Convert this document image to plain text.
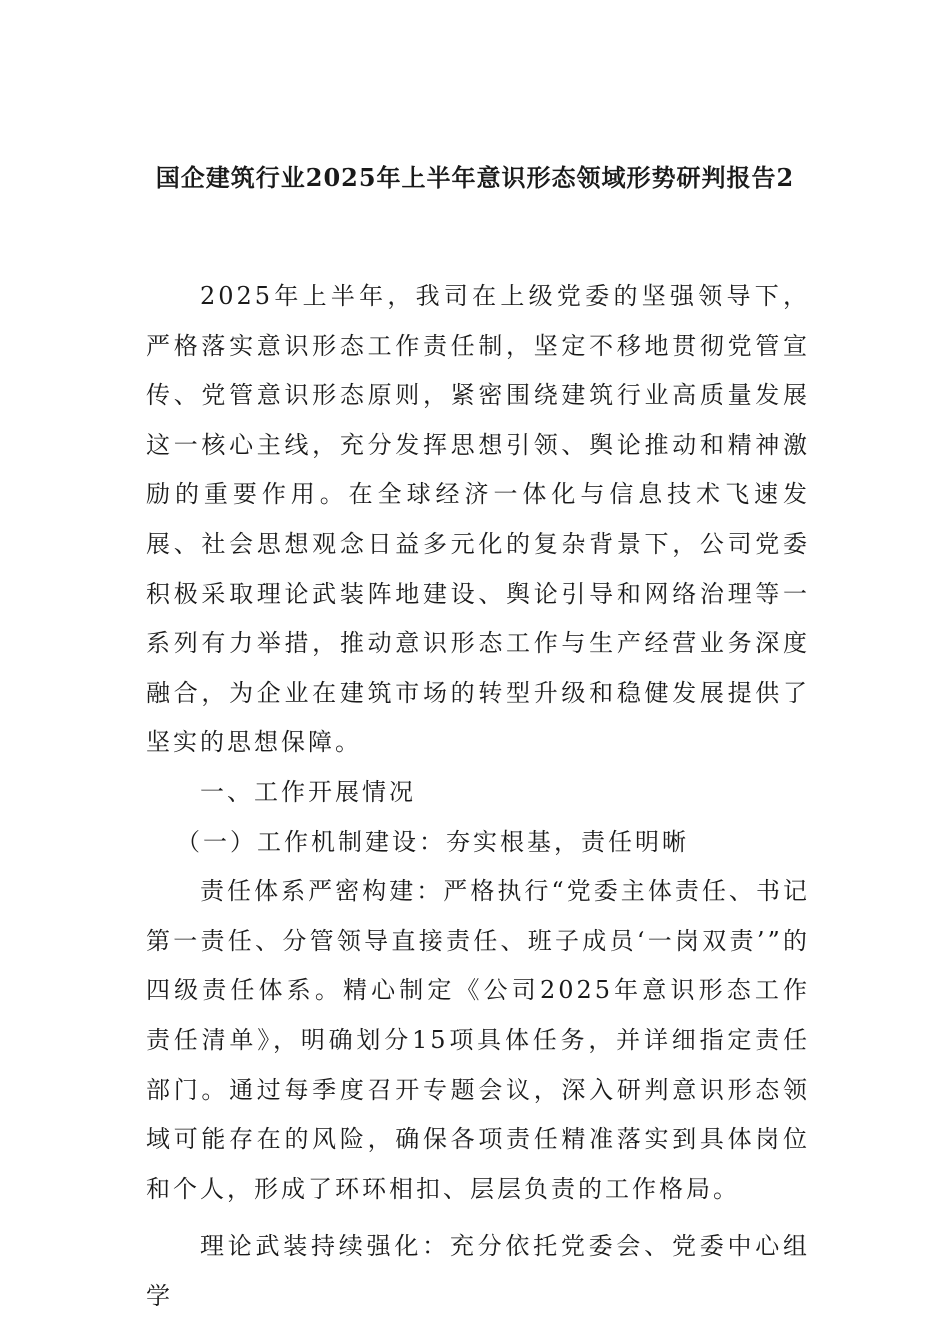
国企建筑行业2025年上半年意识形态领域形势研判报告2

2025年上半年，我司在上级党委的坚强领导下，严格落实意识形态工作责任制，坚定不移地贯彻党管宣传、党管意识形态原则，紧密围绕建筑行业高质量发展这一核心主线，充分发挥思想引领、舆论推动和精神激励的重要作用。在全球经济一体化与信息技术飞速发展、社会思想观念日益多元化的复杂背景下，公司党委积极采取理论武装阵地建设、舆论引导和网络治理等一系列有力举措，推动意识形态工作与生产经营业务深度融合，为企业在建筑市场的转型升级和稳健发展提供了坚实的思想保障。

一、工作开展情况

（一）工作机制建设：夯实根基，责任明晰

责任体系严密构建：严格执行“党委主体责任、书记第一责任、分管领导直接责任、班子成员‘一岗双责’”的四级责任体系。精心制定《公司2025年意识形态工作责任清单》，明确划分15项具体任务，并详细指定责任部门。通过每季度召开专题会议，深入研判意识形态领域可能存在的风险，确保各项责任精准落实到具体岗位和个人，形成了环环相扣、层层负责的工作格局。

理论武装持续强化：充分依托党委会、党委中心组学
